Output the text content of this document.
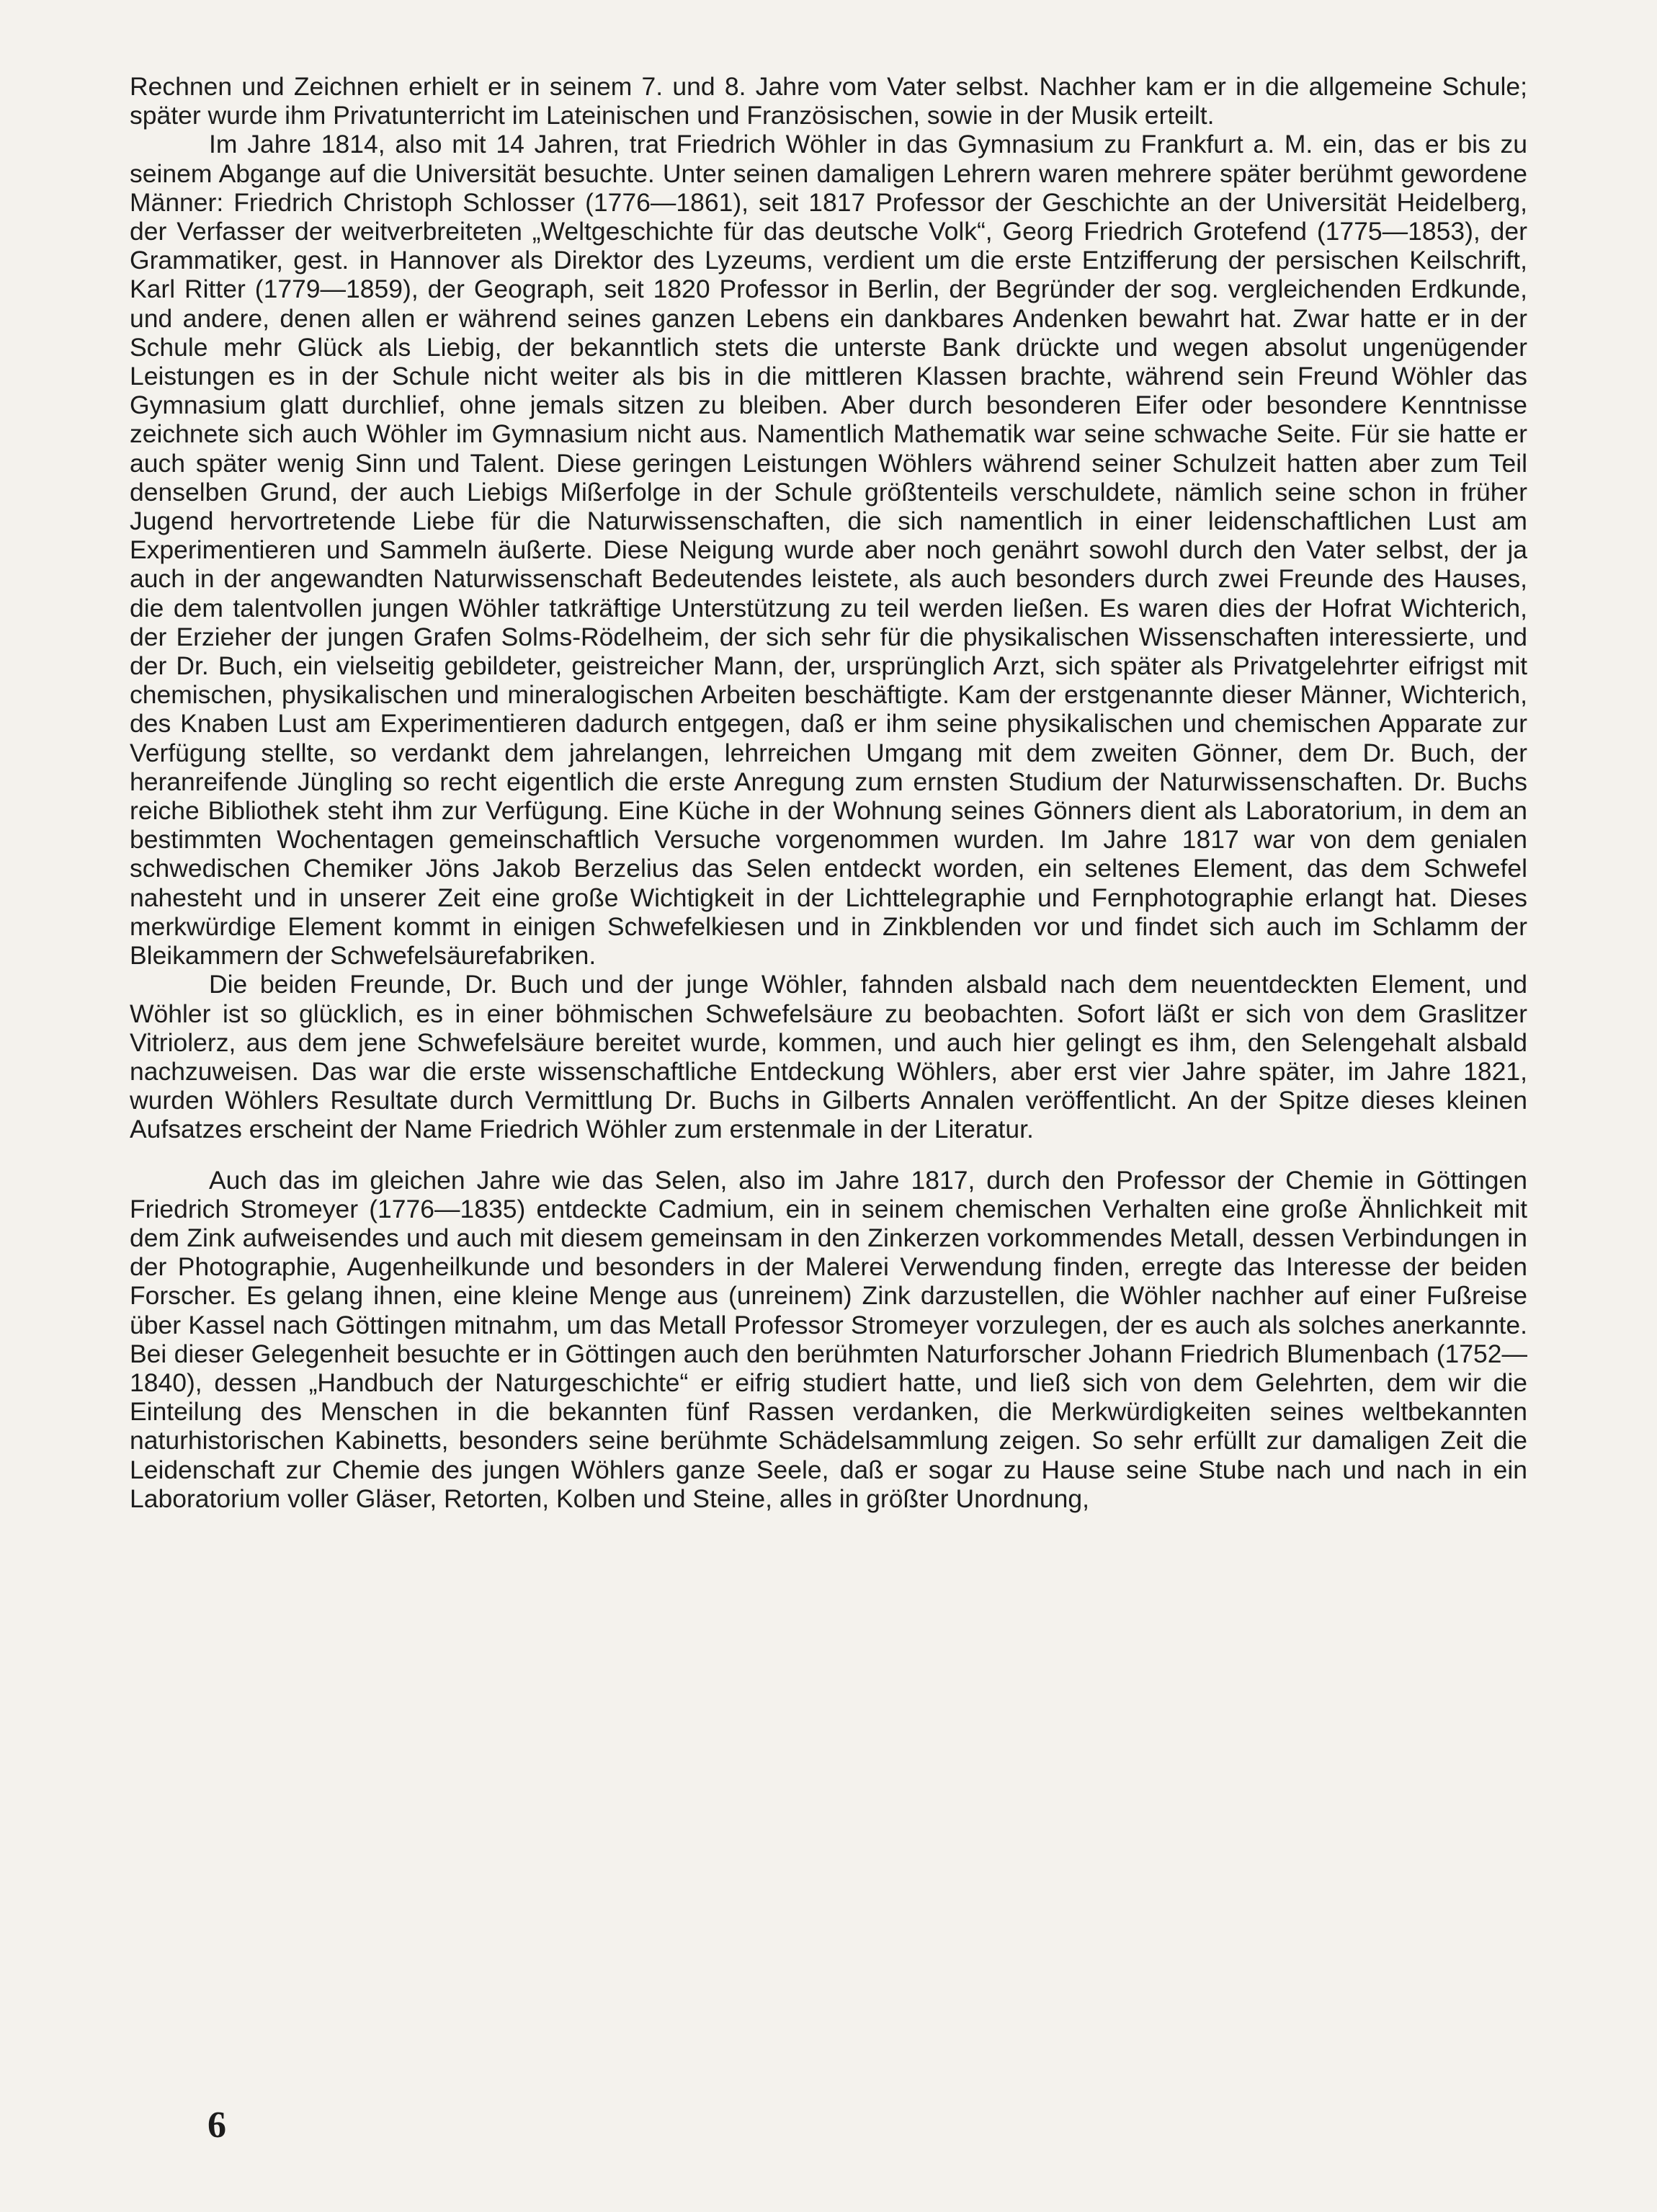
Rechnen und Zeichnen erhielt er in seinem 7. und 8. Jahre vom Vater selbst. Nachher kam er in die allgemeine Schule; später wurde ihm Privatunterricht im Lateinischen und Französischen, sowie in der Musik erteilt.

Im Jahre 1814, also mit 14 Jahren, trat Friedrich Wöhler in das Gymnasium zu Frankfurt a. M. ein, das er bis zu seinem Abgange auf die Universität besuchte. Unter seinen damaligen Lehrern waren mehrere später berühmt gewordene Männer: Friedrich Christoph Schlosser (1776—1861), seit 1817 Professor der Geschichte an der Universität Heidelberg, der Verfasser der weitverbreiteten „Weltgeschichte für das deutsche Volk“, Georg Friedrich Grotefend (1775—1853), der Grammatiker, gest. in Hannover als Direktor des Lyzeums, verdient um die erste Entzifferung der persischen Keilschrift, Karl Ritter (1779—1859), der Geograph, seit 1820 Professor in Berlin, der Begründer der sog. vergleichenden Erdkunde, und andere, denen allen er während seines ganzen Lebens ein dankbares Andenken bewahrt hat. Zwar hatte er in der Schule mehr Glück als Liebig, der bekanntlich stets die unterste Bank drückte und wegen absolut ungenügender Leistungen es in der Schule nicht weiter als bis in die mittleren Klassen brachte, während sein Freund Wöhler das Gymnasium glatt durchlief, ohne jemals sitzen zu bleiben. Aber durch besonderen Eifer oder besondere Kenntnisse zeichnete sich auch Wöhler im Gymnasium nicht aus. Namentlich Mathematik war seine schwache Seite. Für sie hatte er auch später wenig Sinn und Talent. Diese geringen Leistungen Wöhlers während seiner Schulzeit hatten aber zum Teil denselben Grund, der auch Liebigs Mißerfolge in der Schule größtenteils verschuldete, nämlich seine schon in früher Jugend hervortretende Liebe für die Naturwissenschaften, die sich namentlich in einer leidenschaftlichen Lust am Experimentieren und Sammeln äußerte. Diese Neigung wurde aber noch genährt sowohl durch den Vater selbst, der ja auch in der angewandten Naturwissenschaft Bedeutendes leistete, als auch besonders durch zwei Freunde des Hauses, die dem talentvollen jungen Wöhler tatkräftige Unterstützung zu teil werden ließen. Es waren dies der Hofrat Wichterich, der Erzieher der jungen Grafen Solms-Rödelheim, der sich sehr für die physikalischen Wissenschaften interessierte, und der Dr. Buch, ein vielseitig gebildeter, geistreicher Mann, der, ursprünglich Arzt, sich später als Privatgelehrter eifrigst mit chemischen, physikalischen und mineralogischen Arbeiten beschäftigte. Kam der erstgenannte dieser Männer, Wichterich, des Knaben Lust am Experimentieren dadurch entgegen, daß er ihm seine physikalischen und chemischen Apparate zur Verfügung stellte, so verdankt dem jahrelangen, lehrreichen Umgang mit dem zweiten Gönner, dem Dr. Buch, der heranreifende Jüngling so recht eigentlich die erste Anregung zum ernsten Studium der Naturwissenschaften. Dr. Buchs reiche Bibliothek steht ihm zur Verfügung. Eine Küche in der Wohnung seines Gönners dient als Laboratorium, in dem an bestimmten Wochentagen gemeinschaftlich Versuche vorgenommen wurden. Im Jahre 1817 war von dem genialen schwedischen Chemiker Jöns Jakob Berzelius das Selen entdeckt worden, ein seltenes Element, das dem Schwefel nahesteht und in unserer Zeit eine große Wichtigkeit in der Lichttelegraphie und Fernphotographie erlangt hat. Dieses merkwürdige Element kommt in einigen Schwefelkiesen und in Zinkblenden vor und findet sich auch im Schlamm der Bleikammern der Schwefelsäurefabriken.

Die beiden Freunde, Dr. Buch und der junge Wöhler, fahnden alsbald nach dem neuentdeckten Element, und Wöhler ist so glücklich, es in einer böhmischen Schwefelsäure zu beobachten. Sofort läßt er sich von dem Graslitzer Vitriolerz, aus dem jene Schwefelsäure bereitet wurde, kommen, und auch hier gelingt es ihm, den Selengehalt alsbald nachzuweisen. Das war die erste wissenschaftliche Entdeckung Wöhlers, aber erst vier Jahre später, im Jahre 1821, wurden Wöhlers Resultate durch Vermittlung Dr. Buchs in Gilberts Annalen veröffentlicht. An der Spitze dieses kleinen Aufsatzes erscheint der Name Friedrich Wöhler zum erstenmale in der Literatur.

Auch das im gleichen Jahre wie das Selen, also im Jahre 1817, durch den Professor der Chemie in Göttingen Friedrich Stromeyer (1776—1835) entdeckte Cadmium, ein in seinem chemischen Verhalten eine große Ähnlichkeit mit dem Zink aufweisendes und auch mit diesem gemeinsam in den Zinkerzen vorkommendes Metall, dessen Verbindungen in der Photographie, Augenheilkunde und besonders in der Malerei Verwendung finden, erregte das Interesse der beiden Forscher. Es gelang ihnen, eine kleine Menge aus (unreinem) Zink darzustellen, die Wöhler nachher auf einer Fußreise über Kassel nach Göttingen mitnahm, um das Metall Professor Stromeyer vorzulegen, der es auch als solches anerkannte. Bei dieser Gelegenheit besuchte er in Göttingen auch den berühmten Naturforscher Johann Friedrich Blumenbach (1752—1840), dessen „Handbuch der Naturgeschichte“ er eifrig studiert hatte, und ließ sich von dem Gelehrten, dem wir die Einteilung des Menschen in die bekannten fünf Rassen verdanken, die Merkwürdigkeiten seines weltbekannten naturhistorischen Kabinetts, besonders seine berühmte Schädelsammlung zeigen. So sehr erfüllt zur damaligen Zeit die Leidenschaft zur Chemie des jungen Wöhlers ganze Seele, daß er sogar zu Hause seine Stube nach und nach in ein Laboratorium voller Gläser, Retorten, Kolben und Steine, alles in größter Unordnung,

6
